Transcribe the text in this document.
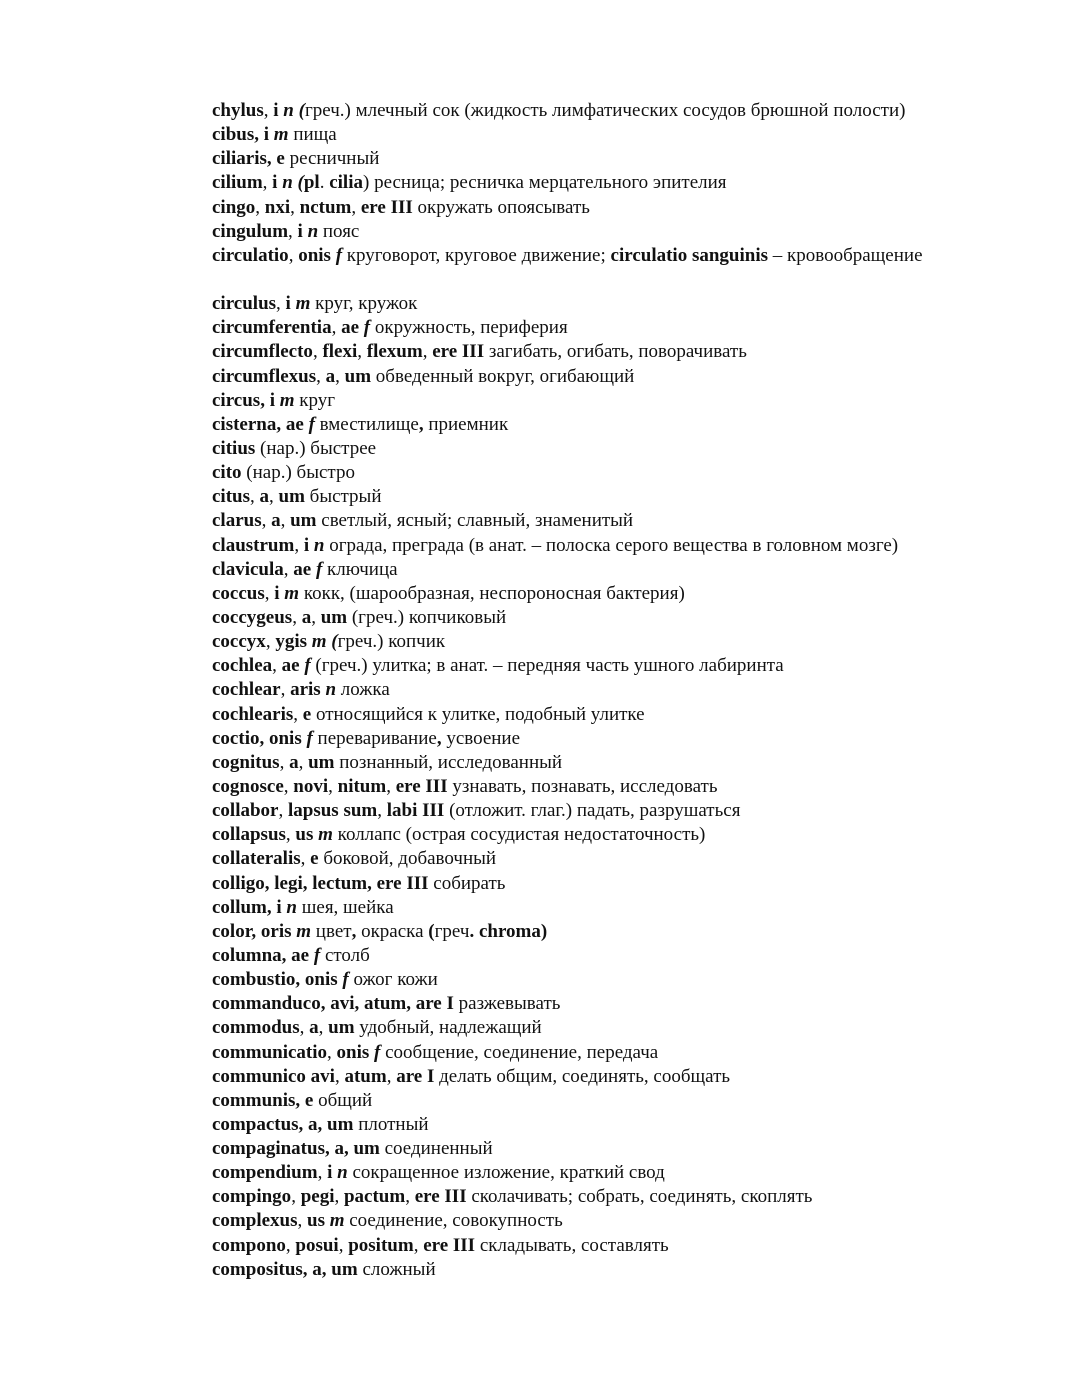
chylus, i n (греч.) млечный сок (жидкость лимфатических сосудов брюшной полости)
cibus, i m пища
ciliaris, e ресничный
cilium, i n (pl. cilia) ресница; ресничка мерцательного эпителия
cingo, nxi, nctum, ere III окружать опоясывать
cingulum, i n пояс
circulatio, onis f круговорот, круговое движение; circulatio sanguinis – кровообращение
circulus, i m круг, кружок
circumferentia, ae f окружность, периферия
circumflecto, flexi, flexum, ere III загибать, огибать, поворачивать
circumflexus, a, um обведенный вокруг, огибающий
circus, i m круг
cisterna, ae f вместилище, приемник
citius (нар.) быстрее
cito (нар.) быстро
citus, a, um быстрый
clarus, a, um светлый, ясный; славный, знаменитый
claustrum, i n ограда, преграда (в анат. – полоска серого вещества в головном мозге)
clavicula, ae f ключица
coccus, i m кокк, (шарообразная, неспороносная бактерия)
coccygeus, a, um (греч.) копчиковый
coccyx, ygis m (греч.) копчик
cochlea, ae f (греч.) улитка; в анат. – передняя часть ушного лабиринта
cochlear, aris n ложка
cochlearis, e относящийся к улитке, подобный улитке
coctio, onis f переваривание, усвоение
cognitus, a, um познанный, исследованный
cognosce, novi, nitum, ere III узнавать, познавать, исследовать
collabor, lapsus sum, labi III (отложит. глаг.) падать, разрушаться
collapsus, us m коллапс (острая сосудистая недостаточность)
collateralis, e боковой, добавочный
colligo, legi, lectum, ere III собирать
collum, i n шея, шейка
color, oris m цвет, окраска (греч. chroma)
columna, ae f столб
combustio, onis f ожог кожи
commanduco, avi, atum, are I разжевывать
commodus, a, um удобный, надлежащий
communicatio, onis f сообщение, соединение, передача
communico avi, atum, are I делать общим, соединять, сообщать
communis, e общий
compactus, a, um плотный
compaginatus, a, um соединенный
compendium, i n сокращенное изложение, краткий свод
compingo, pegi, pactum, ere III сколачивать; собрать, соединять, скоплять
complexus, us m соединение, совокупность
compono, posui, positum, ere III складывать, составлять
compositus, a, um сложный
